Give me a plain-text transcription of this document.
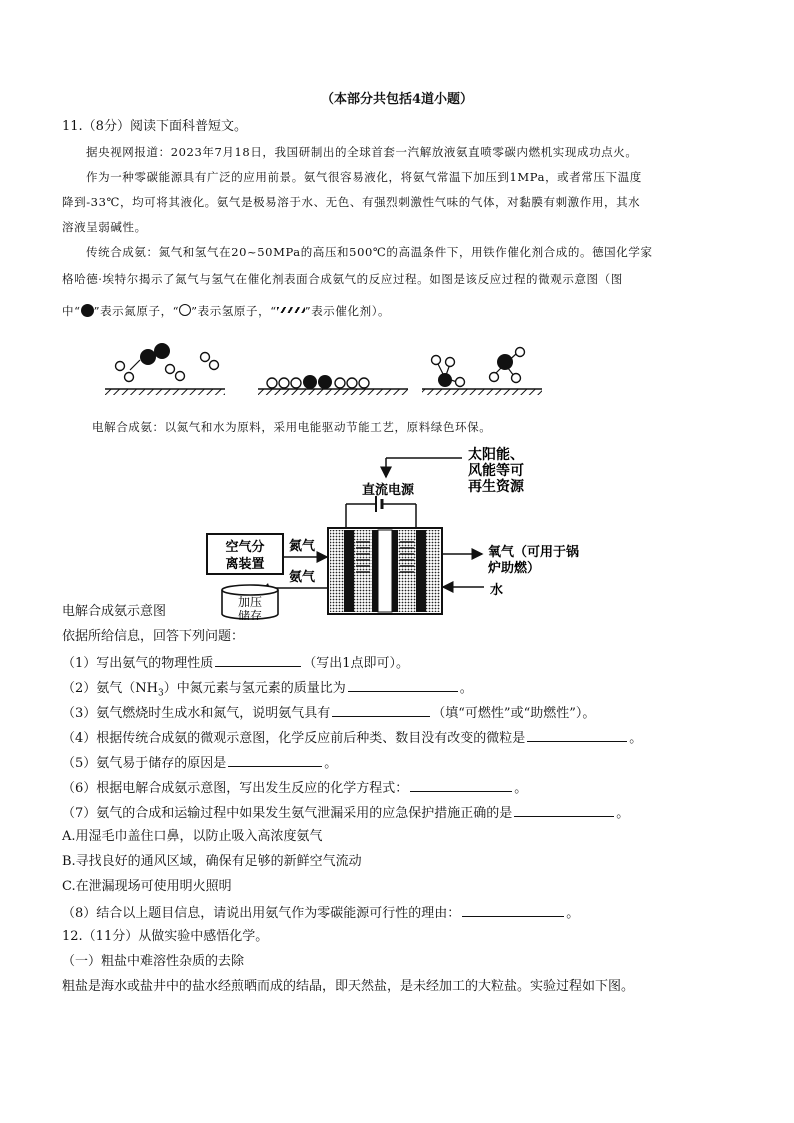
（本部分共包括4道小题）
11.（8分）阅读下面科普短文。
据央视网报道：2023年7月18日，我国研制出的全球首套一汽解放液氨直喷零碳内燃机实现成功点火。
作为一种零碳能源具有广泛的应用前景。氨气很容易液化，将氨气常温下加压到1MPa，或者常压下温度
降到-33℃，均可将其液化。氨气是极易溶于水、无色、有强烈刺激性气味的气体，对黏膜有刺激作用，其水
溶液呈弱碱性。
传统合成氨：氮气和氢气在20~50MPa的高压和500℃的高温条件下，用铁作催化剂合成的。德国化学家
格哈德·埃特尔揭示了氮气与氢气在催化剂表面合成氨气的反应过程。如图是该反应过程的微观示意图（图
中“ ”表示氮原子，“ ”表示氢原子，“ ”表示催化剂）。
电解合成氨：以氮气和水为原料，采用电能驱动节能工艺，原料绿色环保。
太阳能、
风能等可
再生资源
直流电源
空气分
离装置
氮气
氨气
加压
储存
氧气（可用于锅
炉助燃）
水
电解合成氨示意图
依据所给信息，回答下列问题：
（1）写出氨气的物理性质	（写出1点即可）。
（2）氨气$(NH_3)$中氮元素与氢元素的质量比为	。
（3）氨气燃烧时生成水和氮气，说明氨气具有	（填“可燃性”或“助燃性”）。
（4）根据传统合成氨的微观示意图，化学反应前后种类、数目没有改变的微粒是	。
（5）氨气易于储存的原因是	。
（6）根据电解合成氨示意图，写出发生反应的化学方程式：	。
（7）氨气的合成和运输过程中如果发生氨气泄漏采用的应急保护措施正确的是	。
A.用湿毛巾盖住口鼻，以防止吸入高浓度氨气
B.寻找良好的通风区域，确保有足够的新鲜空气流动
C.在泄漏现场可使用明火照明
（8）结合以上题目信息，请说出用氨气作为零碳能源可行性的理由：	。
12.（11分）从做实验中感悟化学。
（一）粗盐中难溶性杂质的去除
粗盐是海水或盐井中的盐水经煎晒而成的结晶，即天然盐，是未经加工的大粒盐。实验过程如下图。
